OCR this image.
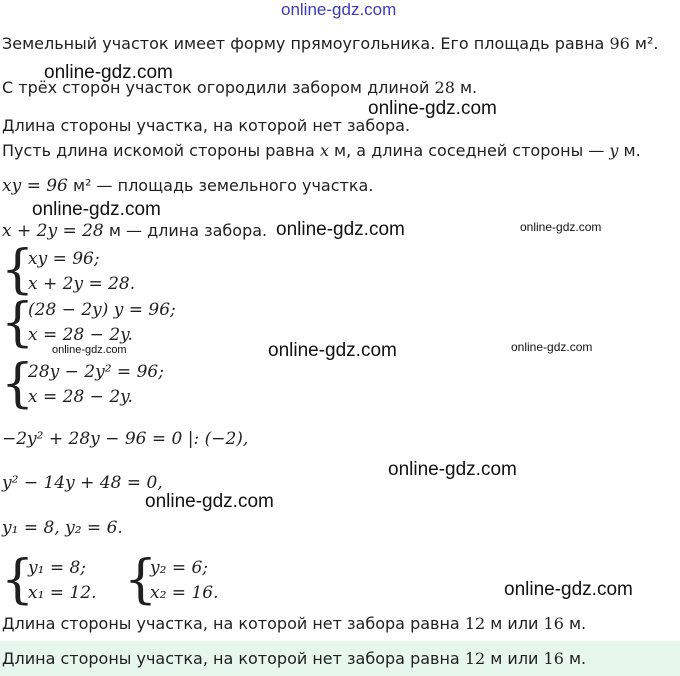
online-gdz.com
Земельный участок имеет форму прямоугольника. Его площадь равна 96 м².
С трёх сторон участок огородили забором длиной 28 м.
Длина стороны участка, на которой нет забора.
Пусть длина искомой стороны равна x м, а длина соседней стороны — y м.
xy = 96 м² — площадь земельного участка.
x + 2y = 28 м — длина забора.
{
xy = 96;
x + 2y = 28.
{
(28 − 2y) y = 96;
x = 28 − 2y.
{
28y − 2y² = 96;
x = 28 − 2y.
−2y² + 28y − 96 = 0 |: (−2),
y² − 14y + 48 = 0,
y₁ = 8, y₂ = 6.
{
y₁ = 8;
x₁ = 12. {
y₂ = 6;
x₂ = 16.
Длина стороны участка, на которой нет забора равна 12 м или 16 м.
Длина стороны участка, на которой нет забора равна 12 м или 16 м.
online-gdz.com
online-gdz.com
online-gdz.com
online-gdz.com	online-gdz.com
online-gdz.com	online-gdz.com	online-gdz.com
online-gdz.com
online-gdz.com
online-gdz.com
